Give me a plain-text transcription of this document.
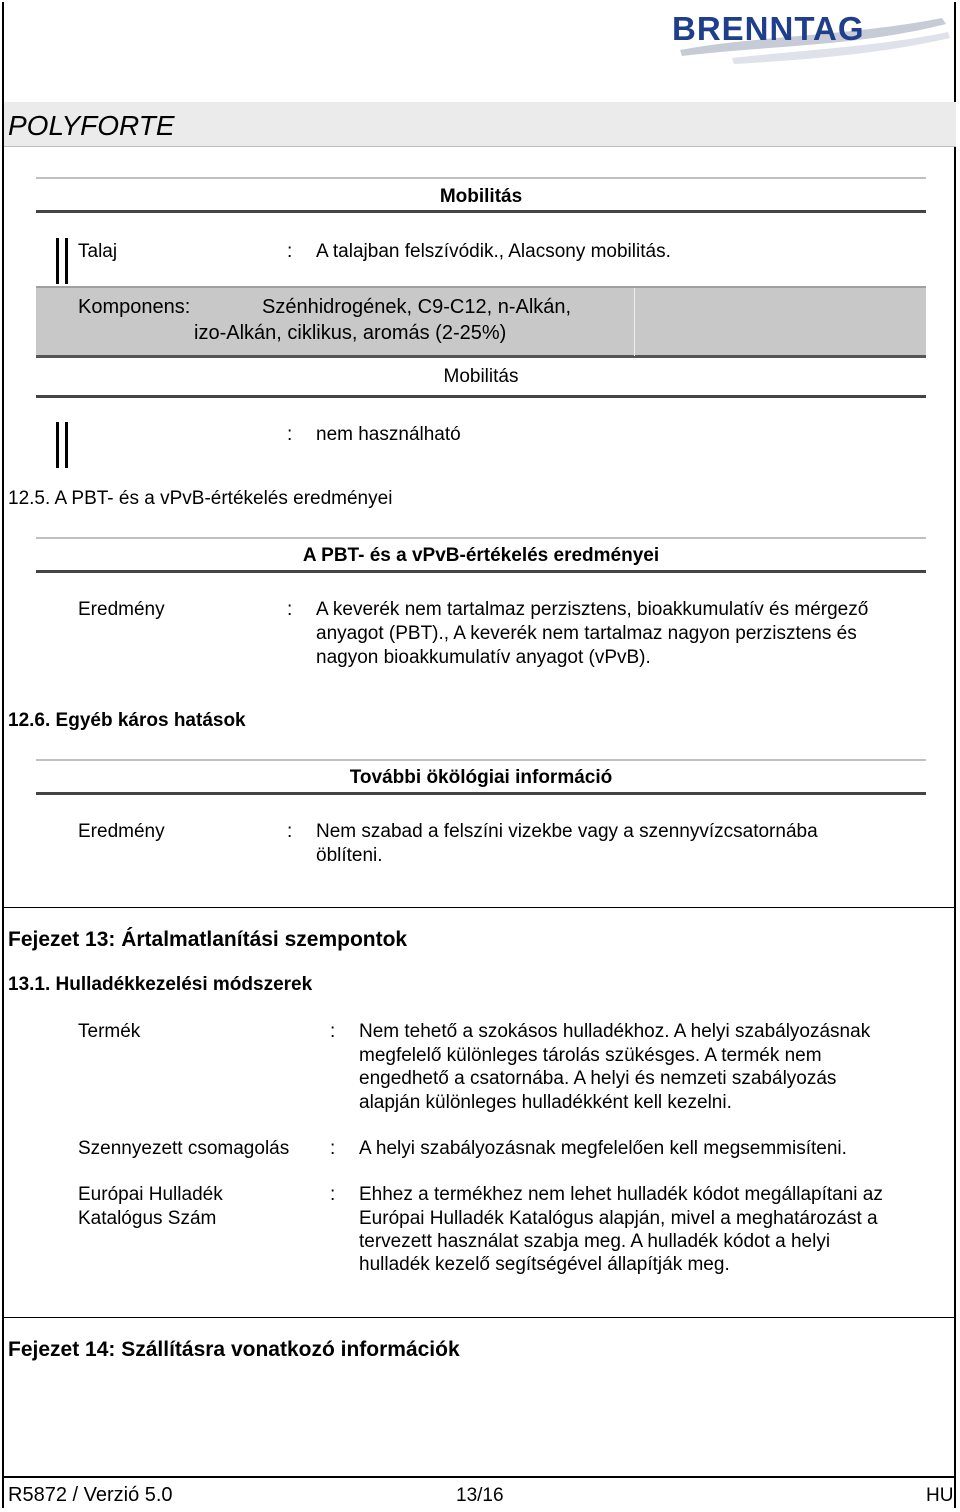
BRENNTAG
POLYFORTE
Mobilitás
Talaj	: A talajban felszívódik., Alacsony mobilitás.
Komponens:	Szénhidrogének, C9-C12, n-Alkán,
izo-Alkán, ciklikus, aromás (2-25%)
Mobilitás
: nem használható
12.5. A PBT- és a vPvB-értékelés eredményei
A PBT- és a vPvB-értékelés eredményei
Eredmény	: A keverék nem tartalmaz perzisztens, bioakkumulatív és mérgező
anyagot (PBT)., A keverék nem tartalmaz nagyon perzisztens és
nagyon bioakkumulatív anyagot (vPvB).
12.6. Egyéb káros hatások
További ökölógiai információ
Eredmény	: Nem szabad a felszíni vizekbe vagy a szennyvízcsatornába
öblíteni.
Fejezet 13: Ártalmatlanítási szempontok
13.1. Hulladékkezelési módszerek
Termék	: Nem tehető a szokásos hulladékhoz. A helyi szabályozásnak
megfelelő különleges tárolás szükésges. A termék nem
engedhető a csatornába. A helyi és nemzeti szabályozás
alapján különleges hulladékként kell kezelni.
Szennyezett csomagolás : A helyi szabályozásnak megfelelően kell megsemmisíteni.
Európai Hulladék
Katalógus Szám
: Ehhez a termékhez nem lehet hulladék kódot megállapítani az
Európai Hulladék Katalógus alapján, mivel a meghatározást a
tervezett használat szabja meg. A hulladék kódot a helyi
hulladék kezelő segítségével állapítják meg.
Fejezet 14: Szállításra vonatkozó információk
R5872 / Verzió 5.0	13/16	HU
